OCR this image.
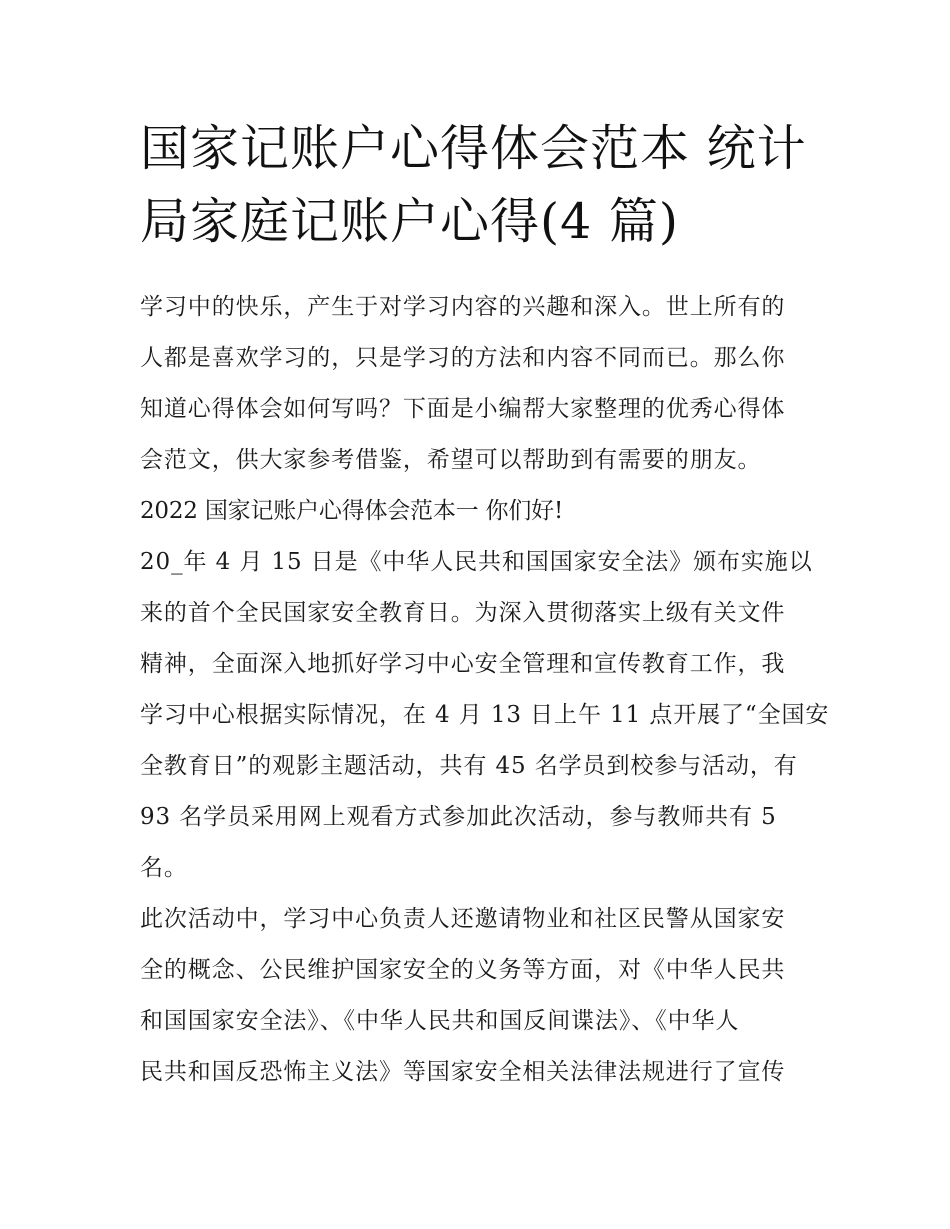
国家记账户心得体会范本 统计
局家庭记账户心得(4 篇)

学习中的快乐，产生于对学习内容的兴趣和深入。世上所有的
人都是喜欢学习的，只是学习的方法和内容不同而已。那么你
知道心得体会如何写吗？下面是小编帮大家整理的优秀心得体
会范文，供大家参考借鉴，希望可以帮助到有需要的朋友。

2022 国家记账户心得体会范本一 你们好!

20_年 4 月 15 日是《中华人民共和国国家安全法》颁布实施以
来的首个全民国家安全教育日。为深入贯彻落实上级有关文件
精神，全面深入地抓好学习中心安全管理和宣传教育工作，我
学习中心根据实际情况，在 4 月 13 日上午 11 点开展了“全国安
全教育日”的观影主题活动，共有 45 名学员到校参与活动，有
93 名学员采用网上观看方式参加此次活动，参与教师共有 5
名。

此次活动中，学习中心负责人还邀请物业和社区民警从国家安
全的概念、公民维护国家安全的义务等方面，对《中华人民共
和国国家安全法》、《中华人民共和国反间谍法》、《中华人
民共和国反恐怖主义法》等国家安全相关法律法规进行了宣传
